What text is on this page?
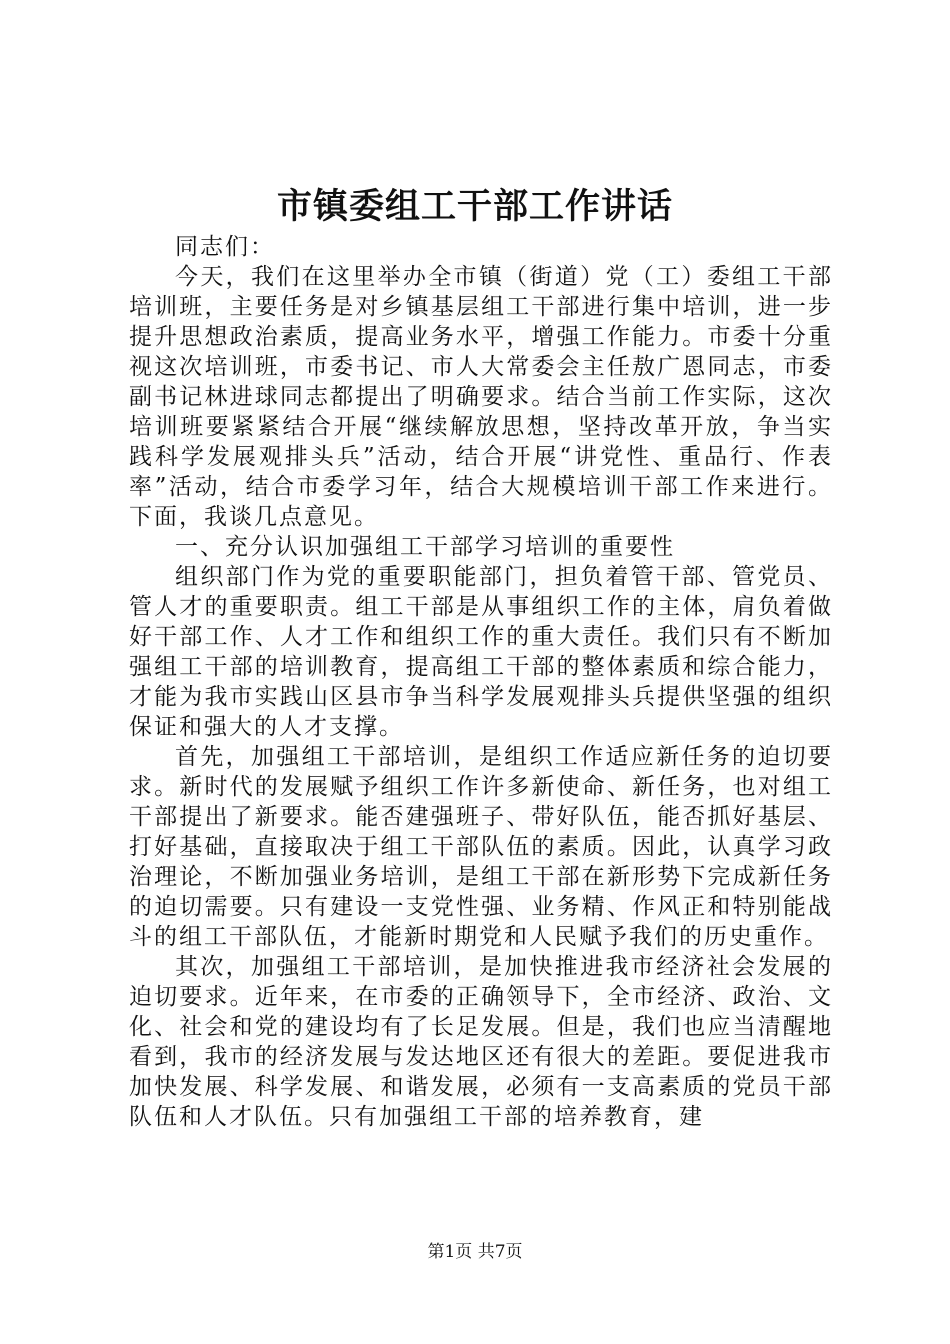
市镇委组工干部工作讲话

同志们：

今天，我们在这里举办全市镇（街道）党（工）委组工干部培训班，主要任务是对乡镇基层组工干部进行集中培训，进一步提升思想政治素质，提高业务水平，增强工作能力。市委十分重视这次培训班，市委书记、市人大常委会主任敖广恩同志，市委副书记林进球同志都提出了明确要求。结合当前工作实际，这次培训班要紧紧结合开展“继续解放思想，坚持改革开放，争当实践科学发展观排头兵”活动，结合开展“讲党性、重品行、作表率”活动，结合市委学习年，结合大规模培训干部工作来进行。下面，我谈几点意见。

一、充分认识加强组工干部学习培训的重要性

组织部门作为党的重要职能部门，担负着管干部、管党员、管人才的重要职责。组工干部是从事组织工作的主体，肩负着做好干部工作、人才工作和组织工作的重大责任。我们只有不断加强组工干部的培训教育，提高组工干部的整体素质和综合能力，才能为我市实践山区县市争当科学发展观排头兵提供坚强的组织保证和强大的人才支撑。

首先，加强组工干部培训，是组织工作适应新任务的迫切要求。新时代的发展赋予组织工作许多新使命、新任务，也对组工干部提出了新要求。能否建强班子、带好队伍，能否抓好基层、打好基础，直接取决于组工干部队伍的素质。因此，认真学习政治理论，不断加强业务培训，是组工干部在新形势下完成新任务的迫切需要。只有建设一支党性强、业务精、作风正和特别能战斗的组工干部队伍，才能新时期党和人民赋予我们的历史重作。

其次，加强组工干部培训，是加快推进我市经济社会发展的迫切要求。近年来，在市委的正确领导下，全市经济、政治、文化、社会和党的建设均有了长足发展。但是，我们也应当清醒地看到，我市的经济发展与发达地区还有很大的差距。要促进我市加快发展、科学发展、和谐发展，必须有一支高素质的党员干部队伍和人才队伍。只有加强组工干部的培养教育，建

第1页 共7页
